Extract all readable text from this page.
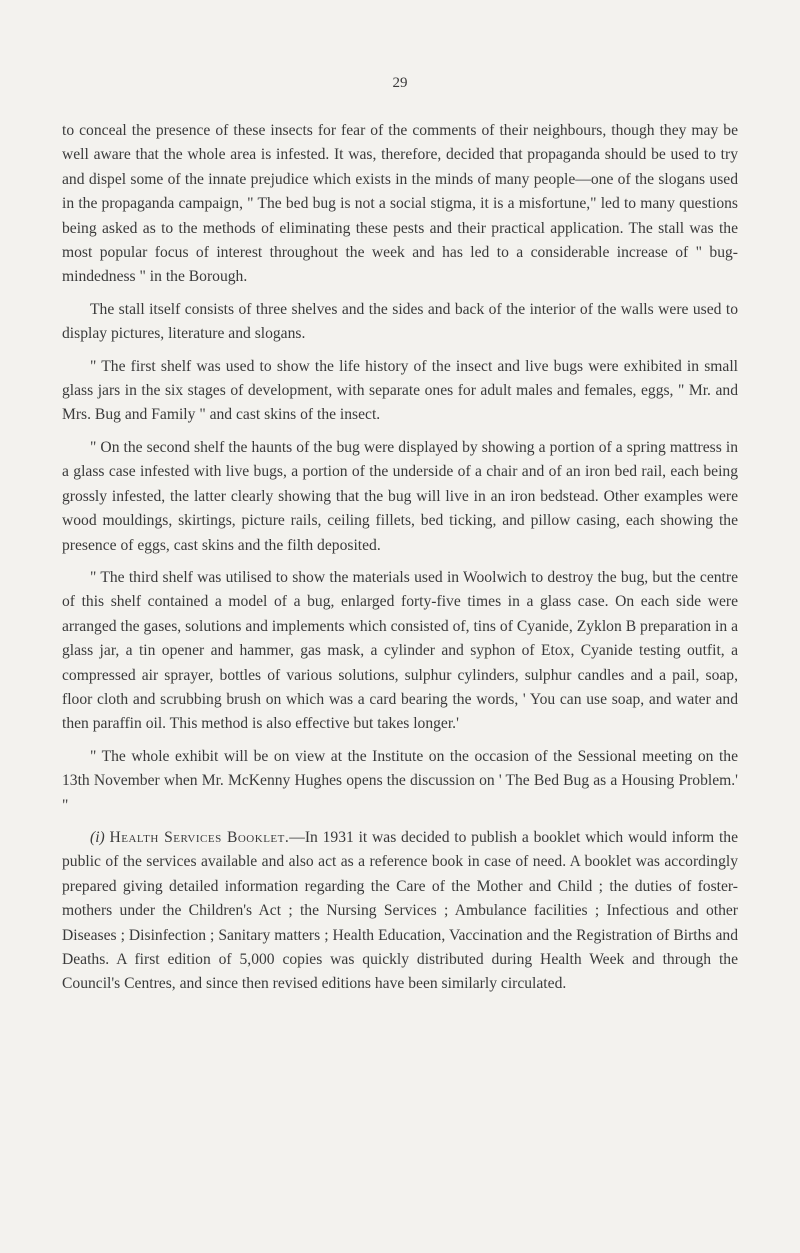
29

to conceal the presence of these insects for fear of the comments of their neighbours, though they may be well aware that the whole area is infested. It was, therefore, decided that propaganda should be used to try and dispel some of the innate prejudice which exists in the minds of many people—one of the slogans used in the propaganda campaign, " The bed bug is not a social stigma, it is a misfortune," led to many questions being asked as to the methods of eliminating these pests and their practical application. The stall was the most popular focus of interest throughout the week and has led to a considerable increase of " bug-mindedness " in the Borough.

The stall itself consists of three shelves and the sides and back of the interior of the walls were used to display pictures, literature and slogans.

" The first shelf was used to show the life history of the insect and live bugs were exhibited in small glass jars in the six stages of development, with separate ones for adult males and females, eggs, " Mr. and Mrs. Bug and Family " and cast skins of the insect.

" On the second shelf the haunts of the bug were displayed by showing a portion of a spring mattress in a glass case infested with live bugs, a portion of the underside of a chair and of an iron bed rail, each being grossly infested, the latter clearly showing that the bug will live in an iron bedstead. Other examples were wood mouldings, skirtings, picture rails, ceiling fillets, bed ticking, and pillow casing, each showing the presence of eggs, cast skins and the filth deposited.

" The third shelf was utilised to show the materials used in Woolwich to destroy the bug, but the centre of this shelf contained a model of a bug, enlarged forty-five times in a glass case. On each side were arranged the gases, solutions and implements which consisted of, tins of Cyanide, Zyklon B preparation in a glass jar, a tin opener and hammer, gas mask, a cylinder and syphon of Etox, Cyanide testing outfit, a compressed air sprayer, bottles of various solutions, sulphur cylinders, sulphur candles and a pail, soap, floor cloth and scrubbing brush on which was a card bearing the words, ' You can use soap, and water and then paraffin oil. This method is also effective but takes longer.'

" The whole exhibit will be on view at the Institute on the occasion of the Sessional meeting on the 13th November when Mr. McKenny Hughes opens the discussion on ' The Bed Bug as a Housing Problem.' "

(i) Health Services Booklet.—In 1931 it was decided to publish a booklet which would inform the public of the services available and also act as a reference book in case of need. A booklet was accordingly prepared giving detailed information regarding the Care of the Mother and Child ; the duties of foster-mothers under the Children's Act ; the Nursing Services ; Ambulance facilities ; Infectious and other Diseases ; Disinfection ; Sanitary matters ; Health Education, Vaccination and the Registration of Births and Deaths. A first edition of 5,000 copies was quickly distributed during Health Week and through the Council's Centres, and since then revised editions have been similarly circulated.
